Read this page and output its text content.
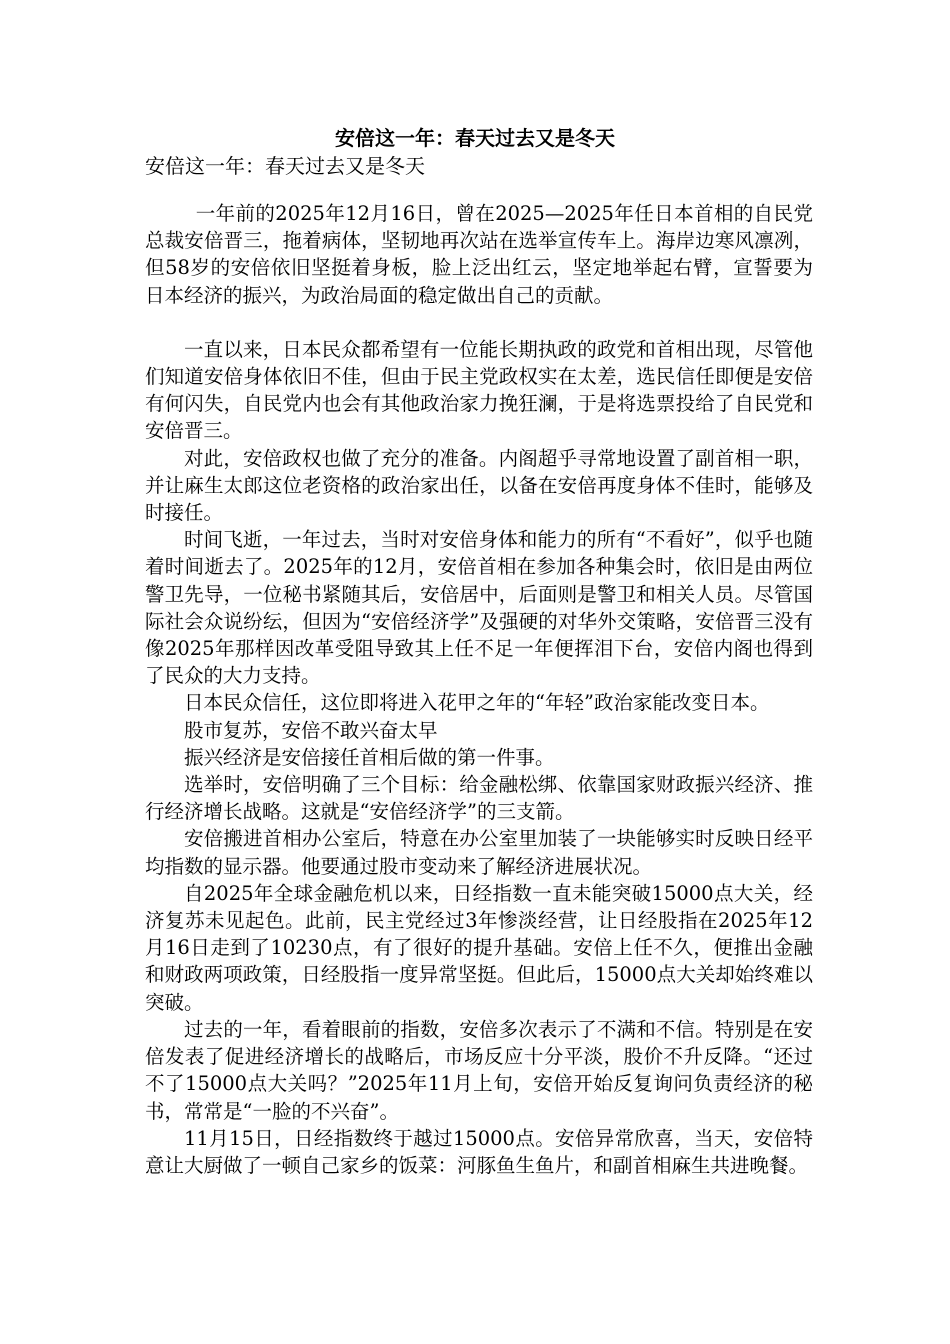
安倍这一年：春天过去又是冬天
安倍这一年：春天过去又是冬天

一年前的2025年12月16日，曾在2025—2025年任日本首相的自民党总裁安倍晋三，拖着病体，坚韧地再次站在选举宣传车上。海岸边寒风凛冽，但58岁的安倍依旧坚挺着身板，脸上泛出红云，坚定地举起右臂，宣誓要为日本经济的振兴，为政治局面的稳定做出自己的贡献。

一直以来，日本民众都希望有一位能长期执政的政党和首相出现，尽管他们知道安倍身体依旧不佳，但由于民主党政权实在太差，选民信任即便是安倍有何闪失，自民党内也会有其他政治家力挽狂澜，于是将选票投给了自民党和安倍晋三。

对此，安倍政权也做了充分的准备。内阁超乎寻常地设置了副首相一职，并让麻生太郎这位老资格的政治家出任，以备在安倍再度身体不佳时，能够及时接任。

时间飞逝，一年过去，当时对安倍身体和能力的所有“不看好”，似乎也随着时间逝去了。2025年的12月，安倍首相在参加各种集会时，依旧是由两位警卫先导，一位秘书紧随其后，安倍居中，后面则是警卫和相关人员。尽管国际社会众说纷纭，但因为“安倍经济学”及强硬的对华外交策略，安倍晋三没有像2025年那样因改革受阻导致其上任不足一年便挥泪下台，安倍内阁也得到了民众的大力支持。

日本民众信任，这位即将进入花甲之年的“年轻”政治家能改变日本。

股市复苏，安倍不敢兴奋太早

振兴经济是安倍接任首相后做的第一件事。

选举时，安倍明确了三个目标：给金融松绑、依靠国家财政振兴经济、推行经济增长战略。这就是“安倍经济学”的三支箭。

安倍搬进首相办公室后，特意在办公室里加装了一块能够实时反映日经平均指数的显示器。他要通过股市变动来了解经济进展状况。

自2025年全球金融危机以来，日经指数一直未能突破15000点大关，经济复苏未见起色。此前，民主党经过3年惨淡经营，让日经股指在2025年12月16日走到了10230点，有了很好的提升基础。安倍上任不久，便推出金融和财政两项政策，日经股指一度异常坚挺。但此后，15000点大关却始终难以突破。

过去的一年，看着眼前的指数，安倍多次表示了不满和不信。特别是在安倍发表了促进经济增长的战略后，市场反应十分平淡，股价不升反降。“还过不了15000点大关吗？”2025年11月上旬，安倍开始反复询问负责经济的秘书，常常是“一脸的不兴奋”。

11月15日，日经指数终于越过15000点。安倍异常欣喜，当天，安倍特意让大厨做了一顿自己家乡的饭菜：河豚鱼生鱼片，和副首相麻生共进晚餐。
